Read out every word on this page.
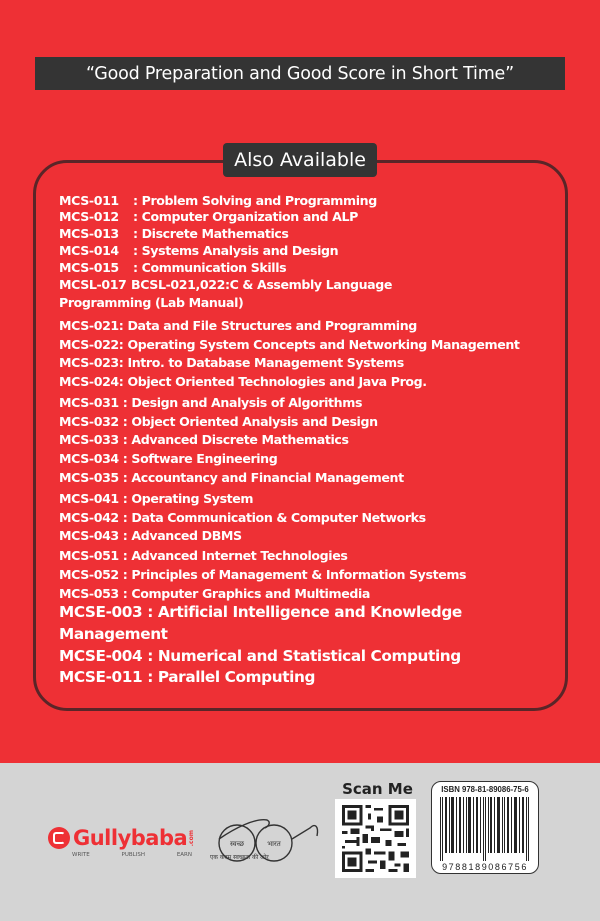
“Good Preparation and Good Score in Short Time”
Also Available
MCS-011 : Problem Solving and Programming
MCS-012 : Computer Organization and ALP
MCS-013 : Discrete Mathematics
MCS-014 : Systems Analysis and Design
MCS-015 : Communication Skills
MCSL-017 BCSL-021,022:C & Assembly Language
Programming (Lab Manual)
MCS-021: Data and File Structures and Programming
MCS-022: Operating System Concepts and Networking Management
MCS-023: Intro. to Database Management Systems
MCS-024: Object Oriented Technologies and Java Prog.
MCS-031 : Design and Analysis of Algorithms
MCS-032 : Object Oriented Analysis and Design
MCS-033 : Advanced Discrete Mathematics
MCS-034 : Software Engineering
MCS-035 : Accountancy and Financial Management
MCS-041 : Operating System
MCS-042 : Data Communication & Computer Networks
MCS-043 : Advanced DBMS
MCS-051 : Advanced Internet Technologies
MCS-052 : Principles of Management & Information Systems
MCS-053 : Computer Graphics and Multimedia
MCSE-003 : Artificial Intelligence and Knowledge
Management
MCSE-004 : Numerical and Statistical Computing
MCSE-011 : Parallel Computing
Gullybaba .com
WRITE	PUBLISH	EARN
स्वच्छ	भारत
एक कदम स्वच्छता की ओर
Scan Me	ISBN 978-81-89086-75-6
9788189086756
